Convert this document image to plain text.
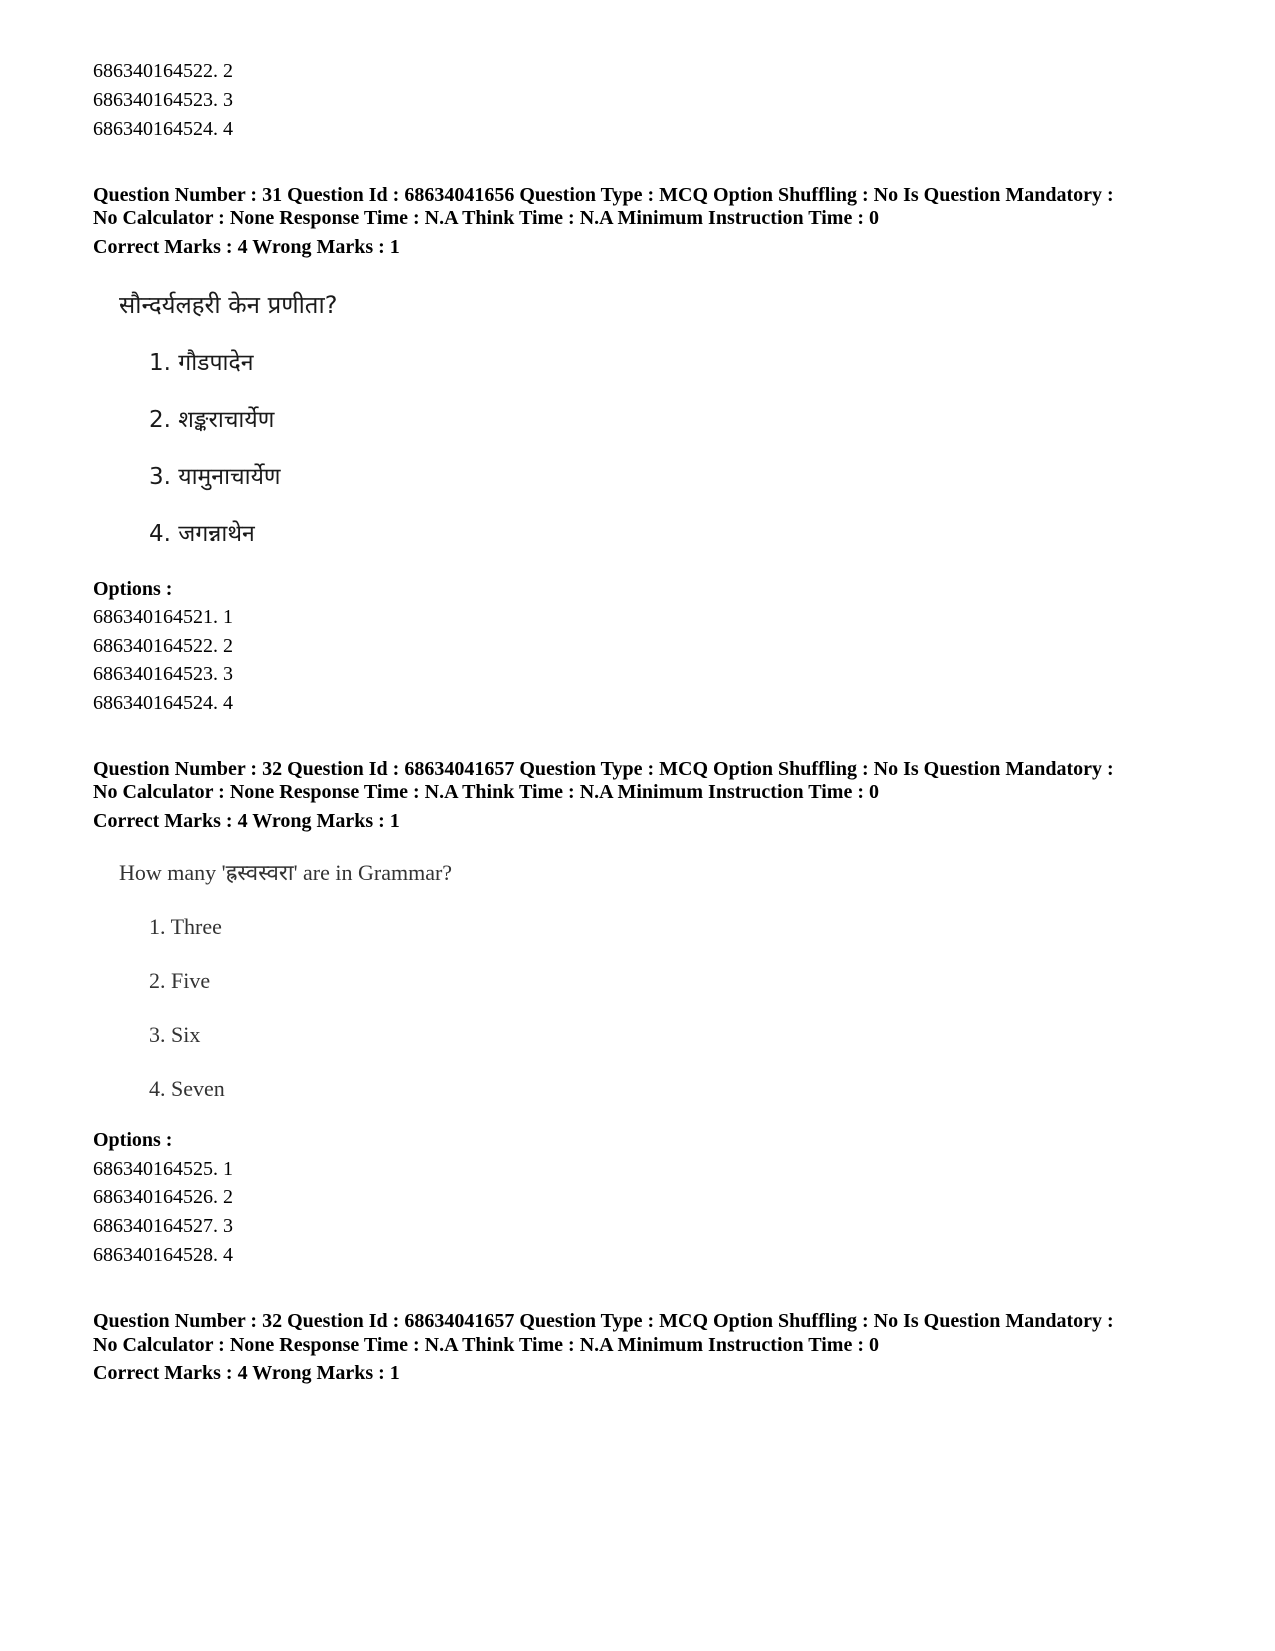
686340164522. 2
686340164523. 3
686340164524. 4
Question Number : 31 Question Id : 68634041656 Question Type : MCQ Option Shuffling : No Is Question Mandatory :
No Calculator : None Response Time : N.A Think Time : N.A Minimum Instruction Time : 0
Correct Marks : 4 Wrong Marks : 1
सौन्दर्यलहरी केन प्रणीता?
1. गौडपादेन
2. शङ्कराचार्येण
3. यामुनाचार्येण
4. जगन्नाथेन
Options :
686340164521. 1
686340164522. 2
686340164523. 3
686340164524. 4
Question Number : 32 Question Id : 68634041657 Question Type : MCQ Option Shuffling : No Is Question Mandatory :
No Calculator : None Response Time : N.A Think Time : N.A Minimum Instruction Time : 0
Correct Marks : 4 Wrong Marks : 1
How many 'ह्रस्वस्वरा' are in Grammar?
1. Three
2. Five
3. Six
4. Seven
Options :
686340164525. 1
686340164526. 2
686340164527. 3
686340164528. 4
Question Number : 32 Question Id : 68634041657 Question Type : MCQ Option Shuffling : No Is Question Mandatory :
No Calculator : None Response Time : N.A Think Time : N.A Minimum Instruction Time : 0
Correct Marks : 4 Wrong Marks : 1
